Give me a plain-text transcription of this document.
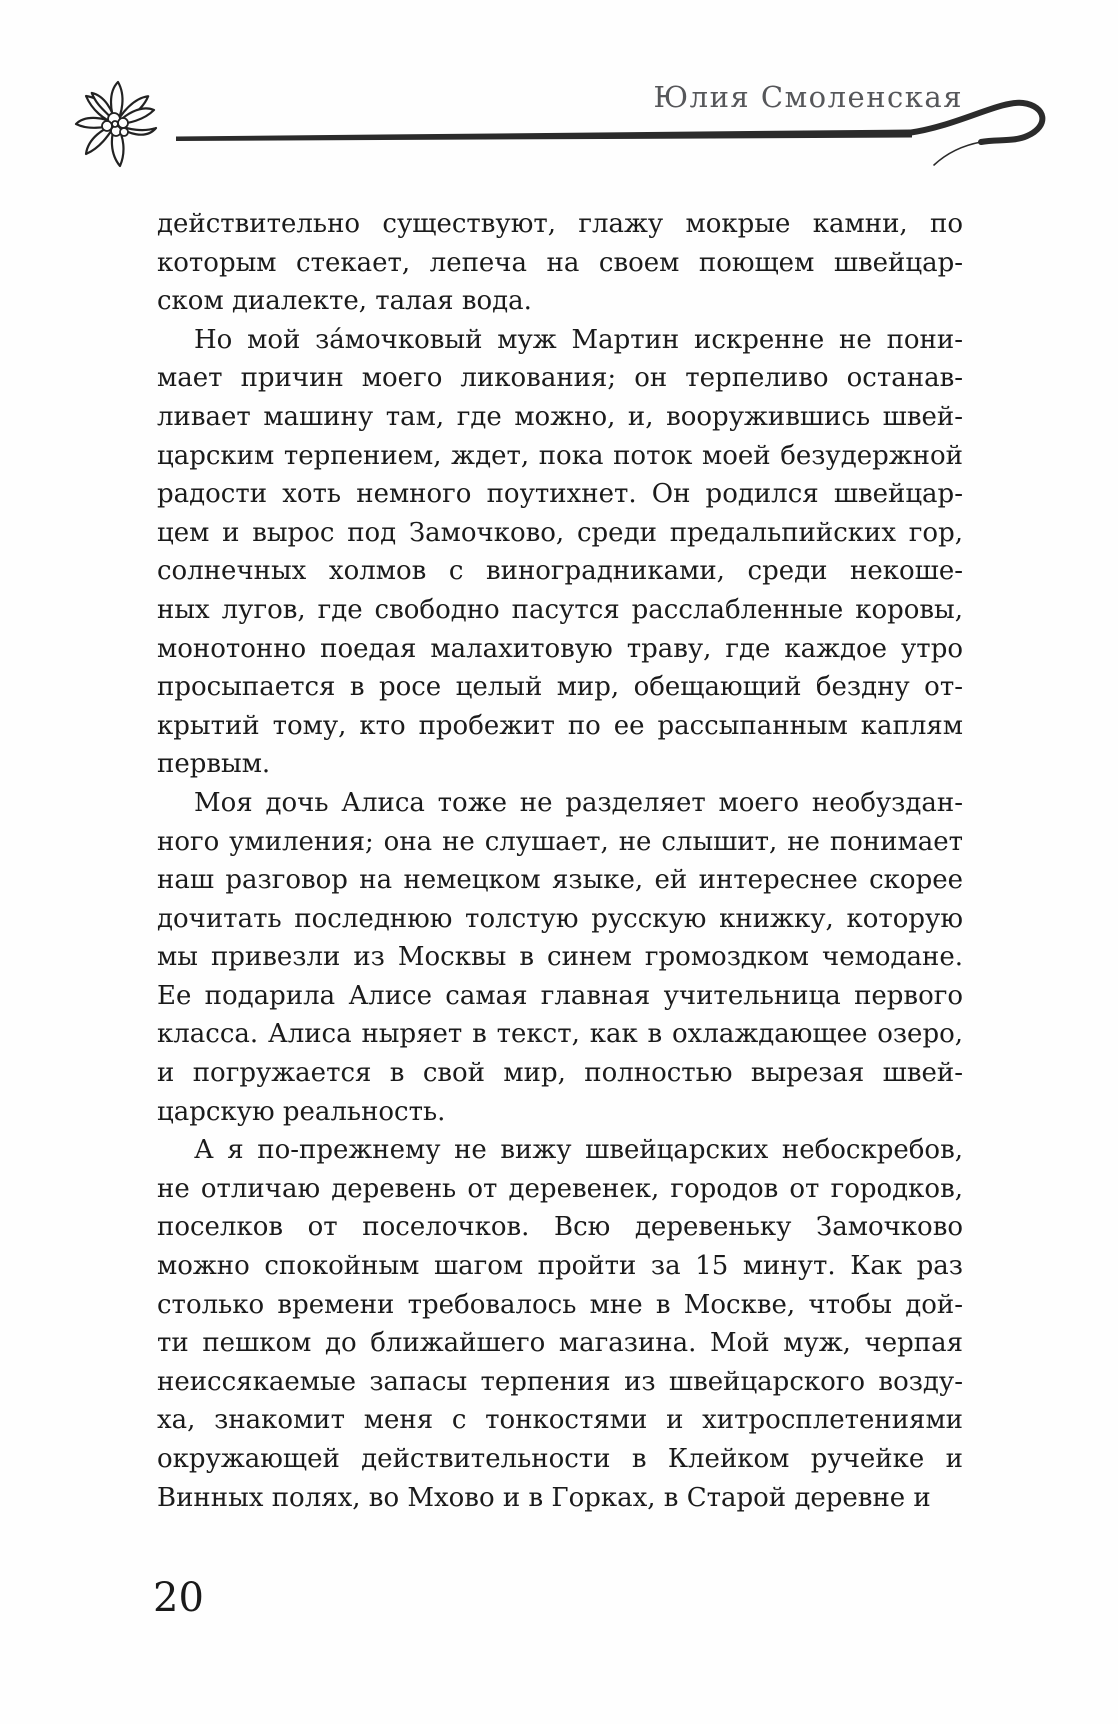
Юлия Смоленская
действительно существуют, глажу мокрые камни, по
которым стекает, лепеча на своем поющем швейцар-
ском диалекте, талая вода.
Но мой за́мочковый муж Мартин искренне не пони-
мает причин моего ликования; он терпеливо останав-
ливает машину там, где можно, и, вооружившись швей-
царским терпением, ждет, пока поток моей безудержной
радости хоть немного поутихнет. Он родился швейцар-
цем и вырос под Замочково, среди предальпийских гор,
солнечных холмов с виноградниками, среди некоше-
ных лугов, где свободно пасутся расслабленные коровы,
монотонно поедая малахитовую траву, где каждое утро
просыпается в росе целый мир, обещающий бездну от-
крытий тому, кто пробежит по ее рассыпанным каплям
первым.
Моя дочь Алиса тоже не разделяет моего необуздан-
ного умиления; она не слушает, не слышит, не понимает
наш разговор на немецком языке, ей интереснее скорее
дочитать последнюю толстую русскую книжку, которую
мы привезли из Москвы в синем громоздком чемодане.
Ее подарила Алисе самая главная учительница первого
класса. Алиса ныряет в текст, как в охлаждающее озеро,
и погружается в свой мир, полностью вырезая швей-
царскую реальность.
А я по-прежнему не вижу швейцарских небоскребов,
не отличаю деревень от деревенек, городов от городков,
поселков от поселочков. Всю деревеньку Замочково
можно спокойным шагом пройти за 15 минут. Как раз
столько времени требовалось мне в Москве, чтобы дой-
ти пешком до ближайшего магазина. Мой муж, черпая
неиссякаемые запасы терпения из швейцарского возду-
ха, знакомит меня с тонкостями и хитросплетениями
окружающей действительности в Клейком ручейке и
Винных полях, во Мхово и в Горках, в Старой деревне и
20
